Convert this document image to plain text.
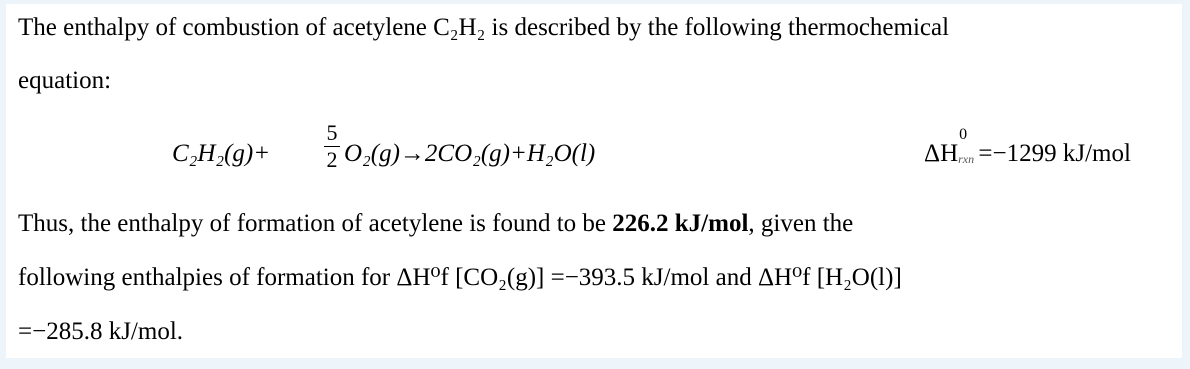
The enthalpy of combustion of acetylene C₂H₂ is described by the following thermochemical
equation:
C₂H₂(g)+
5
2 O₂(g)→2CO₂(g)+H₂O(l)	ΔH
0
rxn =−1299 kJ/mol
Thus, the enthalpy of formation of acetylene is found to be 226.2 kJ/mol, given the
following enthalpies of formation for ΔH⁰f [CO₂(g)] =−393.5 kJ/mol and ΔH⁰f [H₂O(l)]
=−285.8 kJ/mol.
